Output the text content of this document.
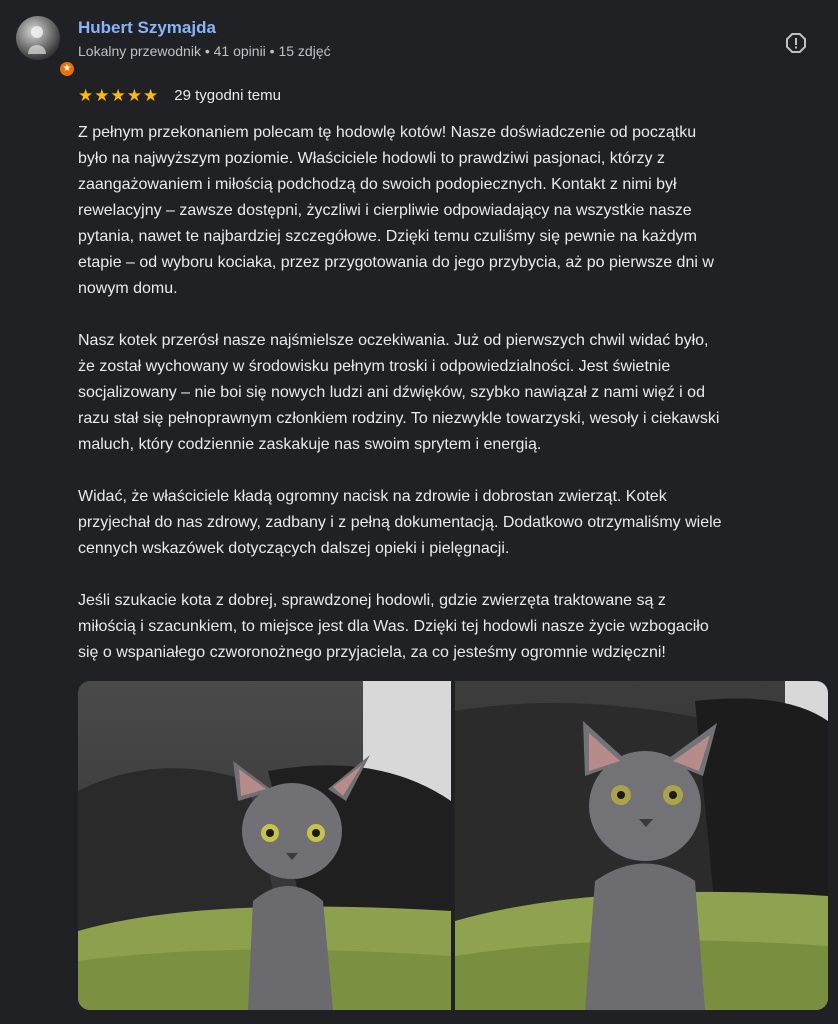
★
Hubert Szymajda
Lokalny przewodnik • 41 opinii • 15 zdjęć
★ ★ ★ ★ ★ 29 tygodni temu

Z pełnym przekonaniem polecam tę hodowlę kotów! Nasze doświadczenie od początku
było na najwyższym poziomie. Właściciele hodowli to prawdziwi pasjonaci, którzy z
zaangażowaniem i miłością podchodzą do swoich podopiecznych. Kontakt z nimi był
rewelacyjny – zawsze dostępni, życzliwi i cierpliwie odpowiadający na wszystkie nasze
pytania, nawet te najbardziej szczegółowe. Dzięki temu czuliśmy się pewnie na każdym
etapie – od wyboru kociaka, przez przygotowania do jego przybycia, aż po pierwsze dni w
nowym domu.

Nasz kotek przerósł nasze najśmielsze oczekiwania. Już od pierwszych chwil widać było,
że został wychowany w środowisku pełnym troski i odpowiedzialności. Jest świetnie
socjalizowany – nie boi się nowych ludzi ani dźwięków, szybko nawiązał z nami więź i od
razu stał się pełnoprawnym członkiem rodziny. To niezwykle towarzyski, wesoły i ciekawski
maluch, który codziennie zaskakuje nas swoim sprytem i energią.

Widać, że właściciele kładą ogromny nacisk na zdrowie i dobrostan zwierząt. Kotek
przyjechał do nas zdrowy, zadbany i z pełną dokumentacją. Dodatkowo otrzymaliśmy wiele
cennych wskazówek dotyczących dalszej opieki i pielęgnacji.

Jeśli szukacie kota z dobrej, sprawdzonej hodowli, gdzie zwierzęta traktowane są z
miłością i szacunkiem, to miejsce jest dla Was. Dzięki tej hodowli nasze życie wzbogaciło
się o wspaniałego czworonożnego przyjaciela, za co jesteśmy ogromnie wdzięczni!
